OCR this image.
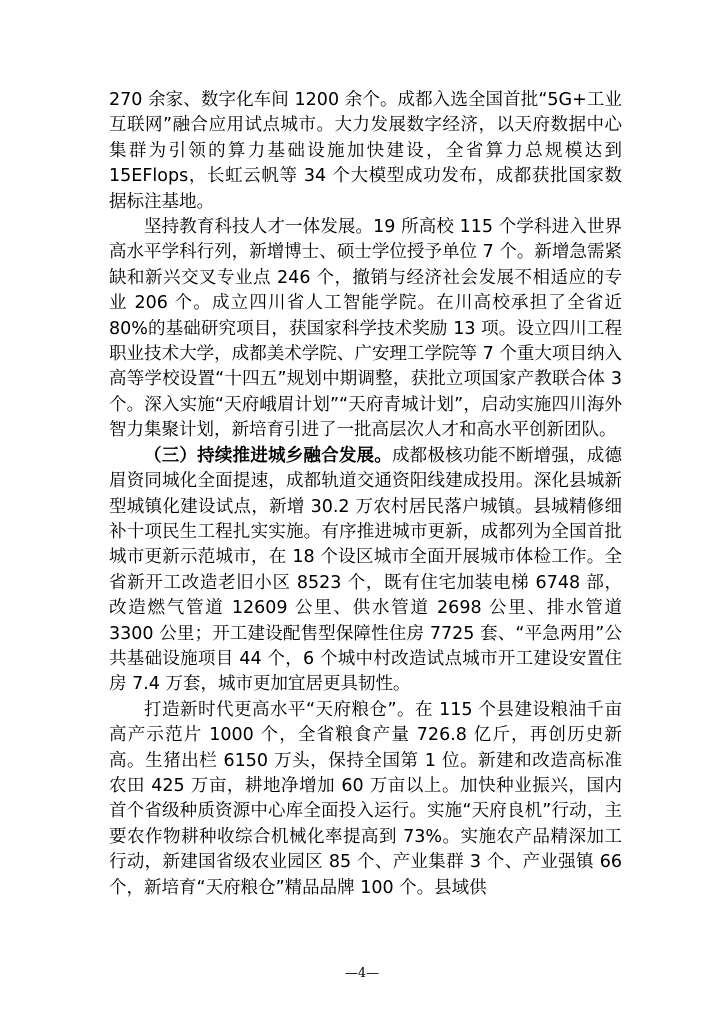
270 余家、数字化车间 1200 余个。成都入选全国首批“5G+工业互联网”融合应用试点城市。大力发展数字经济，以天府数据中心集群为引领的算力基础设施加快建设，全省算力总规模达到 15EFlops，长虹云帆等 34 个大模型成功发布，成都获批国家数据标注基地。

坚持教育科技人才一体发展。19 所高校 115 个学科进入世界高水平学科行列，新增博士、硕士学位授予单位 7 个。新增急需紧缺和新兴交叉专业点 246 个，撤销与经济社会发展不相适应的专业 206 个。成立四川省人工智能学院。在川高校承担了全省近 80%的基础研究项目，获国家科学技术奖励 13 项。设立四川工程职业技术大学，成都美术学院、广安理工学院等 7 个重大项目纳入高等学校设置“十四五”规划中期调整，获批立项国家产教联合体 3 个。深入实施“天府峨眉计划”“天府青城计划”，启动实施四川海外智力集聚计划，新培育引进了一批高层次人才和高水平创新团队。

（三）持续推进城乡融合发展。成都极核功能不断增强，成德眉资同城化全面提速，成都轨道交通资阳线建成投用。深化县城新型城镇化建设试点，新增 30.2 万农村居民落户城镇。县城精修细补十项民生工程扎实实施。有序推进城市更新，成都列为全国首批城市更新示范城市，在 18 个设区城市全面开展城市体检工作。全省新开工改造老旧小区 8523 个，既有住宅加装电梯 6748 部，改造燃气管道 12609 公里、供水管道 2698 公里、排水管道 3300 公里；开工建设配售型保障性住房 7725 套、“平急两用”公共基础设施项目 44 个，6 个城中村改造试点城市开工建设安置住房 7.4 万套，城市更加宜居更具韧性。

打造新时代更高水平“天府粮仓”。在 115 个县建设粮油千亩高产示范片 1000 个，全省粮食产量 726.8 亿斤，再创历史新高。生猪出栏 6150 万头，保持全国第 1 位。新建和改造高标准农田 425 万亩，耕地净增加 60 万亩以上。加快种业振兴，国内首个省级种质资源中心库全面投入运行。实施“天府良机”行动，主要农作物耕种收综合机械化率提高到 73%。实施农产品精深加工行动，新建国省级农业园区 85 个、产业集群 3 个、产业强镇 66 个，新培育“天府粮仓”精品品牌 100 个。县域供

—4—
